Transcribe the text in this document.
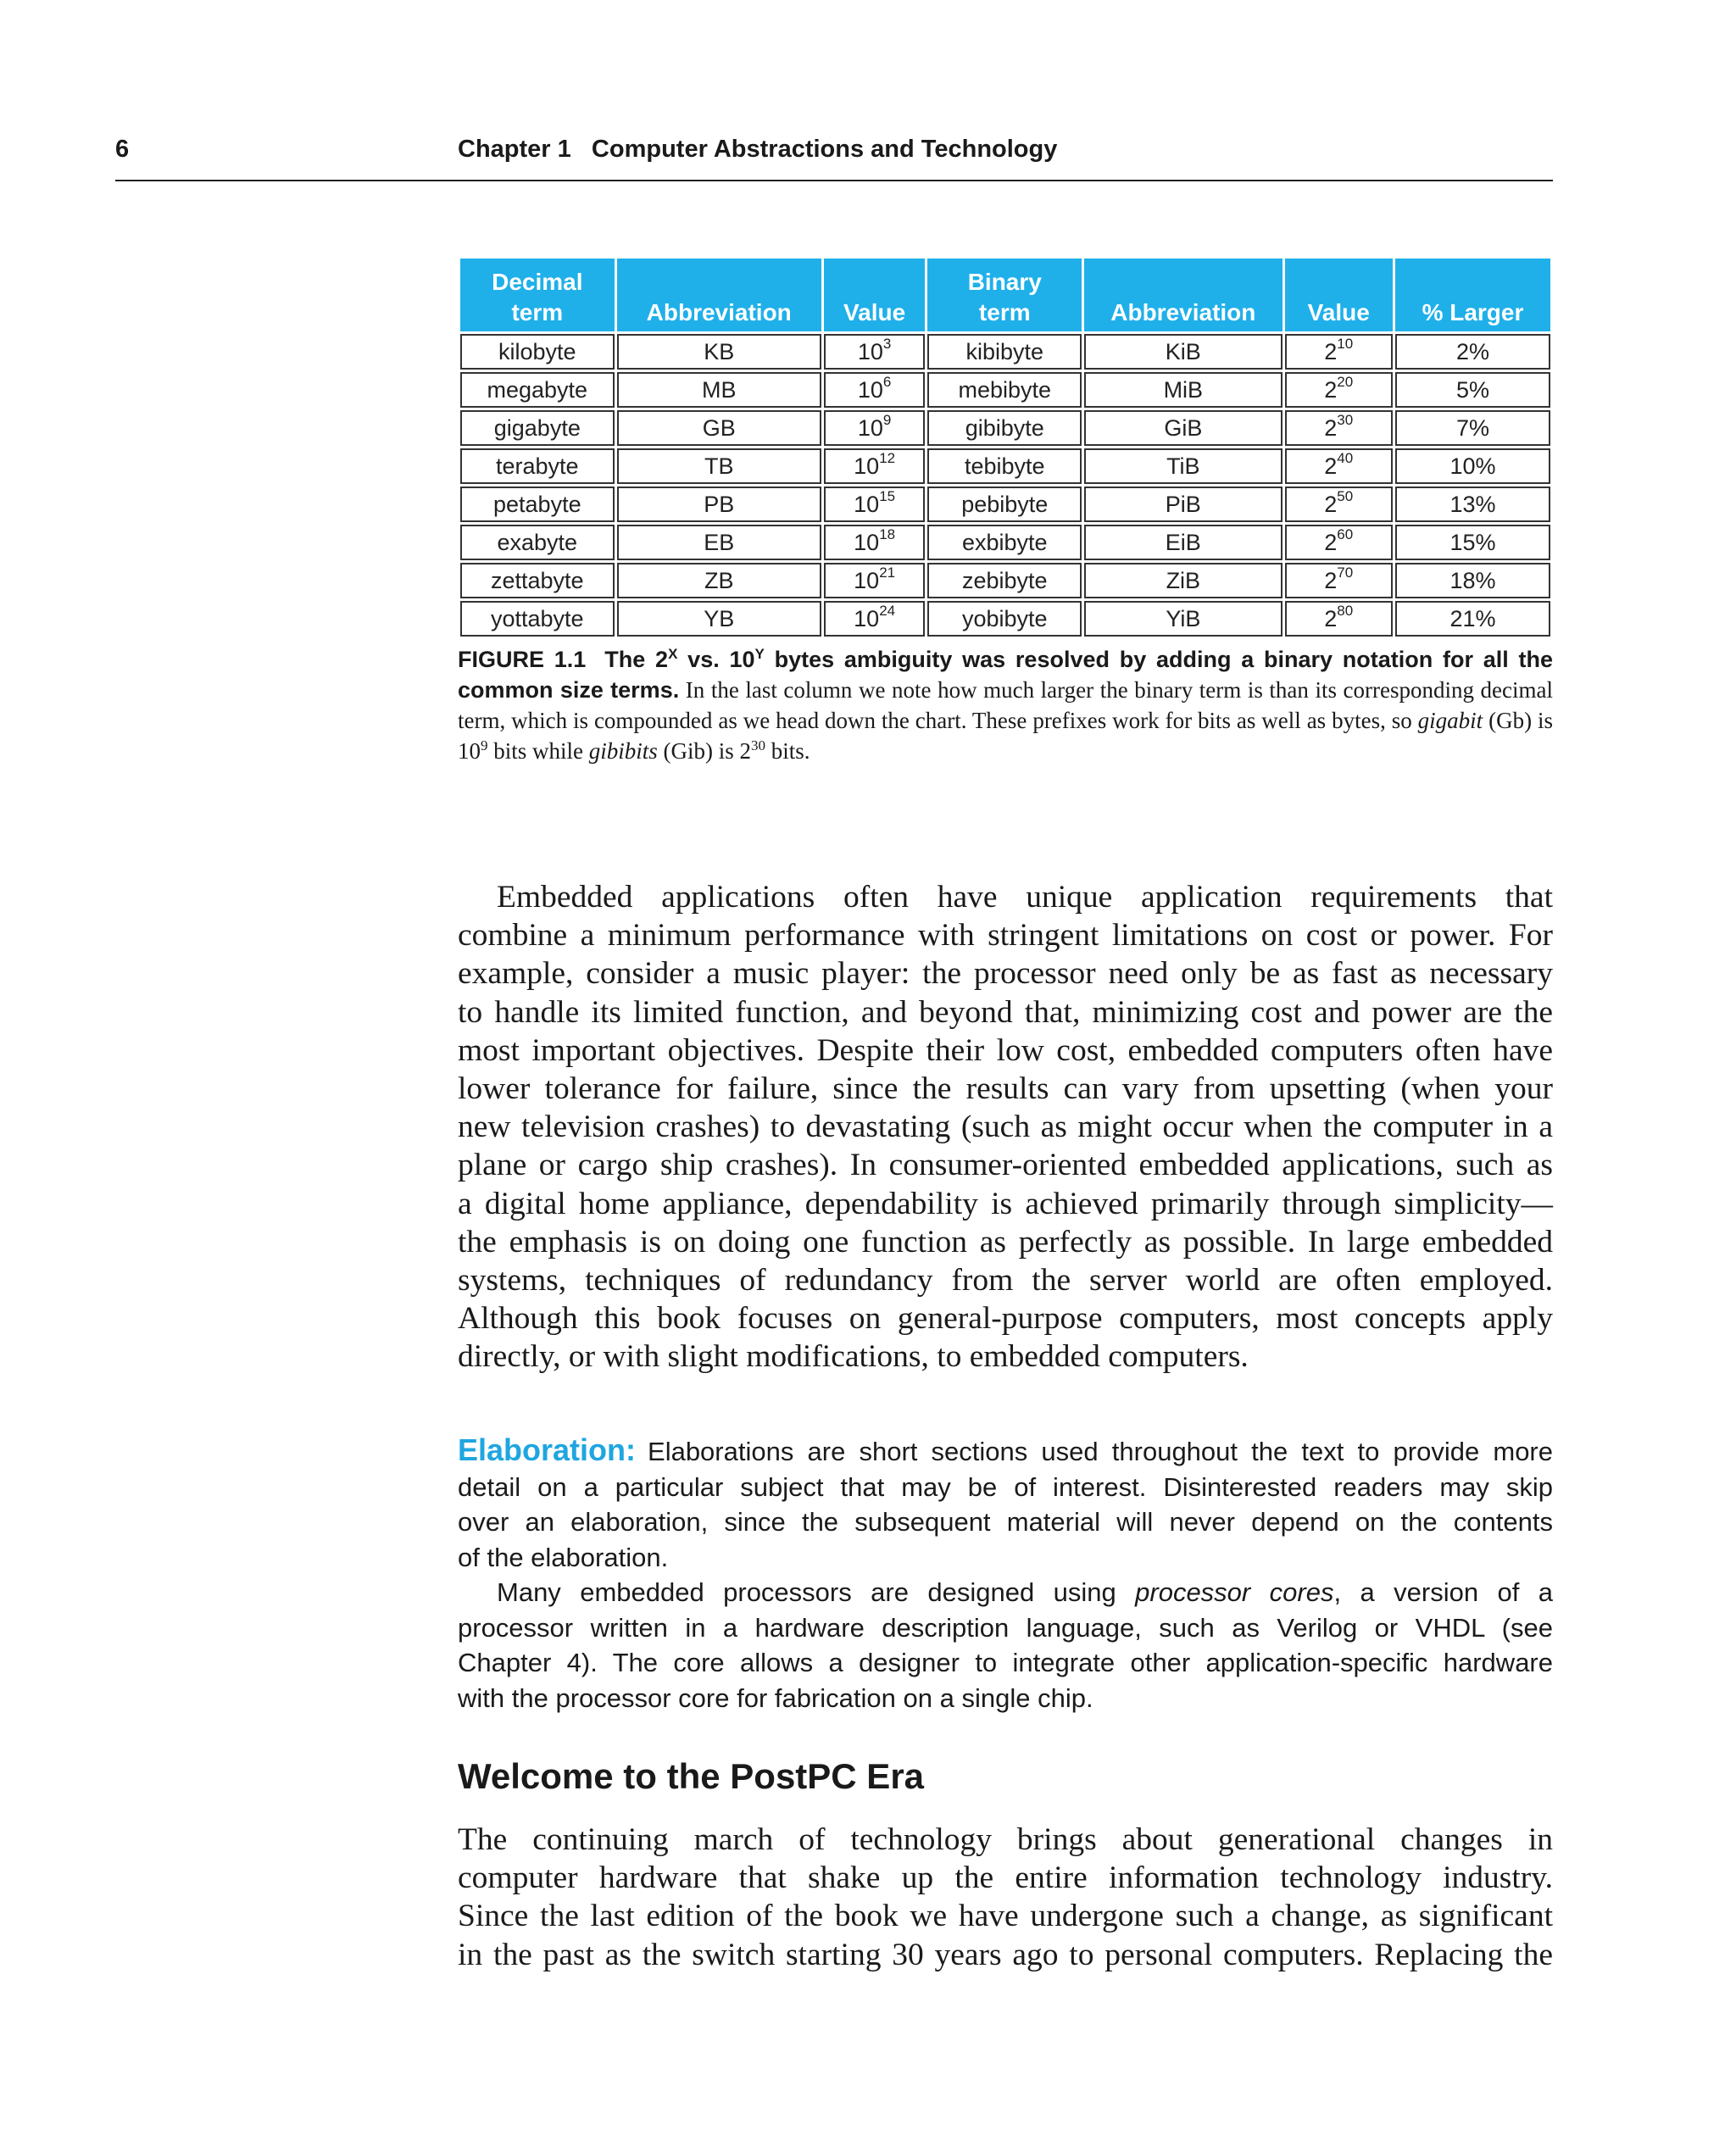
6	Chapter 1   Computer Abstractions and Technology
Decimal term	Abbreviation	Value	Binary term	Abbreviation	Value	% Larger
kilobyte	KB	$10^3$	kibibyte	KiB	$2^{10}$	2%
megabyte	MB	$10^6$	mebibyte	MiB	$2^{20}$	5%
gigabyte	GB	$10^9$	gibibyte	GiB	$2^{30}$	7%
terabyte	TB	$10^{12}$	tebibyte	TiB	$2^{40}$	10%
petabyte	PB	$10^{15}$	pebibyte	PiB	$2^{50}$	13%
exabyte	EB	$10^{18}$	exbibyte	EiB	$2^{60}$	15%
zettabyte	ZB	$10^{21}$	zebibyte	ZiB	$2^{70}$	18%
yottabyte	YB	$10^{24}$	yobibyte	YiB	$2^{80}$	21%
FIGURE 1.1 The $2^X$ vs. $10^Y$ bytes ambiguity was resolved by adding a binary notation for all the common size terms. In the last column we note how much larger the binary term is than its corresponding decimal term, which is compounded as we head down the chart. These prefixes work for bits as well as bytes, so gigabit (Gb) is $10^9$ bits while gibibits (Gib) is $2^{30}$ bits.
Embedded applications often have unique application requirements that
combine a minimum performance with stringent limitations on cost or power. For
example, consider a music player: the processor need only be as fast as necessary
to handle its limited function, and beyond that, minimizing cost and power are the
most important objectives. Despite their low cost, embedded computers often have
lower tolerance for failure, since the results can vary from upsetting (when your
new television crashes) to devastating (such as might occur when the computer in a
plane or cargo ship crashes). In consumer-oriented embedded applications, such as
a digital home appliance, dependability is achieved primarily through simplicity—
the emphasis is on doing one function as perfectly as possible. In large embedded
systems, techniques of redundancy from the server world are often employed.
Although this book focuses on general-purpose computers, most concepts apply
directly, or with slight modifications, to embedded computers.
Elaboration: Elaborations are short sections used throughout the text to provide more
detail on a particular subject that may be of interest. Disinterested readers may skip
over an elaboration, since the subsequent material will never depend on the contents
of the elaboration.
Many embedded processors are designed using processor cores, a version of a
processor written in a hardware description language, such as Verilog or VHDL (see
Chapter 4). The core allows a designer to integrate other application-specific hardware
with the processor core for fabrication on a single chip.
Welcome to the PostPC Era
The continuing march of technology brings about generational changes in
computer hardware that shake up the entire information technology industry.
Since the last edition of the book we have undergone such a change, as significant
in the past as the switch starting 30 years ago to personal computers. Replacing the
